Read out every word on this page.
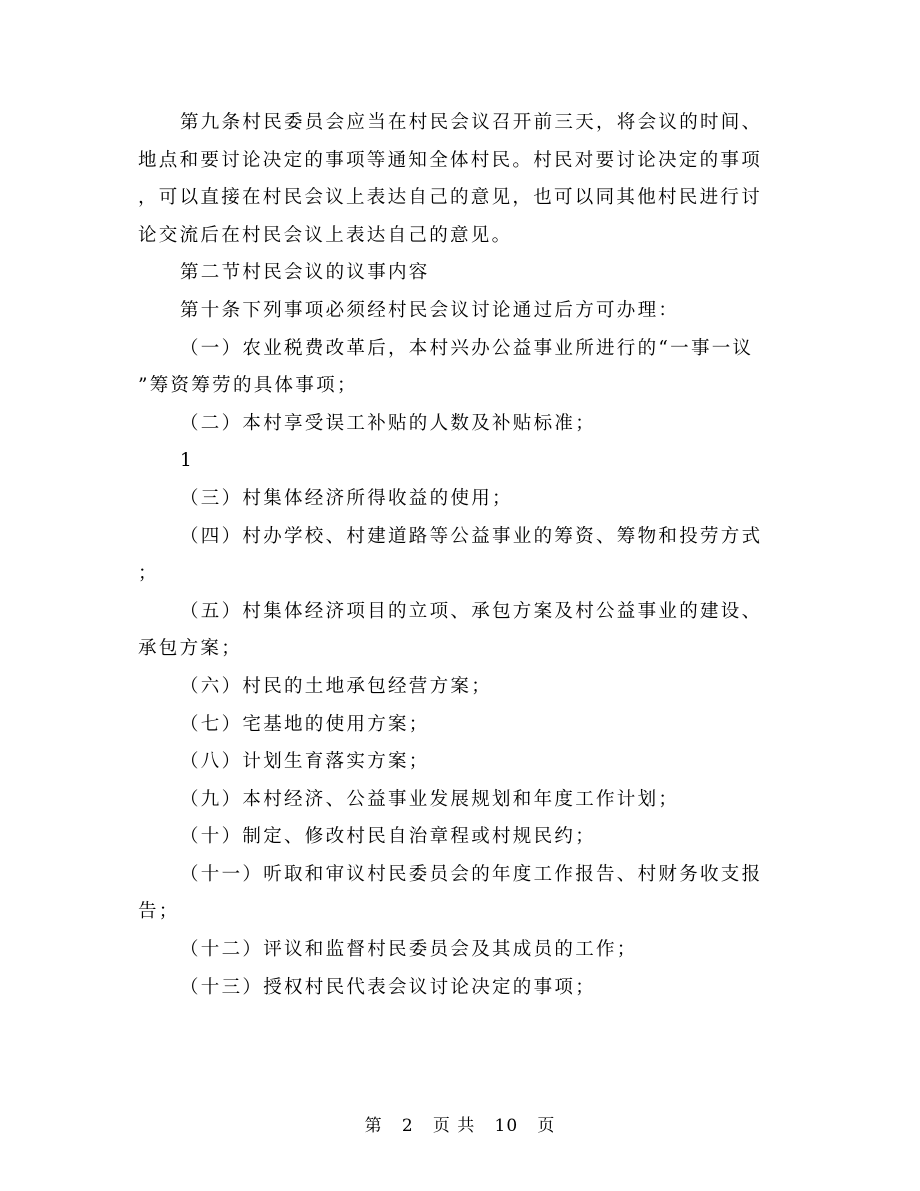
第九条村民委员会应当在村民会议召开前三天，将会议的时间、

地点和要讨论决定的事项等通知全体村民。村民对要讨论决定的事项

，可以直接在村民会议上表达自己的意见，也可以同其他村民进行讨

论交流后在村民会议上表达自己的意见。

第二节村民会议的议事内容

第十条下列事项必须经村民会议讨论通过后方可办理：

（一）农业税费改革后，本村兴办公益事业所进行的“一事一议

”筹资筹劳的具体事项；

（二）本村享受误工补贴的人数及补贴标准；

1

（三）村集体经济所得收益的使用；

（四）村办学校、村建道路等公益事业的筹资、筹物和投劳方式

；

（五）村集体经济项目的立项、承包方案及村公益事业的建设、

承包方案；

（六）村民的土地承包经营方案；

（七）宅基地的使用方案；

（八）计划生育落实方案；

（九）本村经济、公益事业发展规划和年度工作计划；

（十）制定、修改村民自治章程或村规民约；

（十一）听取和审议村民委员会的年度工作报告、村财务收支报

告；

（十二）评议和监督村民委员会及其成员的工作；

（十三）授权村民代表会议讨论决定的事项；

第 2 页 共 10 页
